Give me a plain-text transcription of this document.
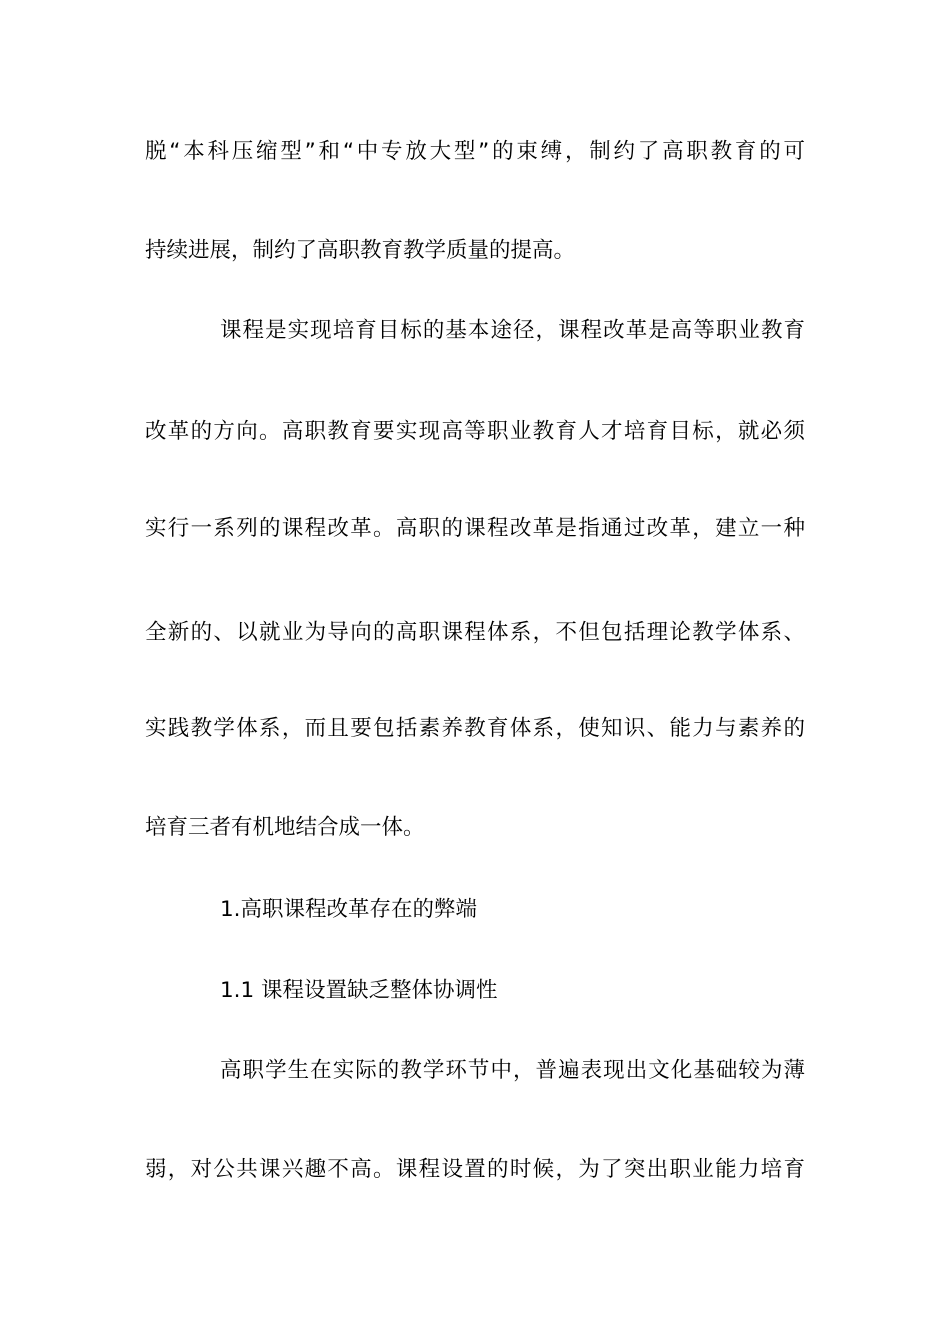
脱“本科压缩型”和“中专放大型”的束缚，制约了高职教育的可
持续进展，制约了高职教育教学质量的提高。
课程是实现培育目标的基本途径，课程改革是高等职业教育
改革的方向。高职教育要实现高等职业教育人才培育目标，就必须
实行一系列的课程改革。高职的课程改革是指通过改革，建立一种
全新的、以就业为导向的高职课程体系，不但包括理论教学体系、
实践教学体系，而且要包括素养教育体系，使知识、能力与素养的
培育三者有机地结合成一体。
1.高职课程改革存在的弊端
1.1 课程设置缺乏整体协调性
高职学生在实际的教学环节中，普遍表现出文化基础较为薄
弱，对公共课兴趣不高。课程设置的时候，为了突出职业能力培育
